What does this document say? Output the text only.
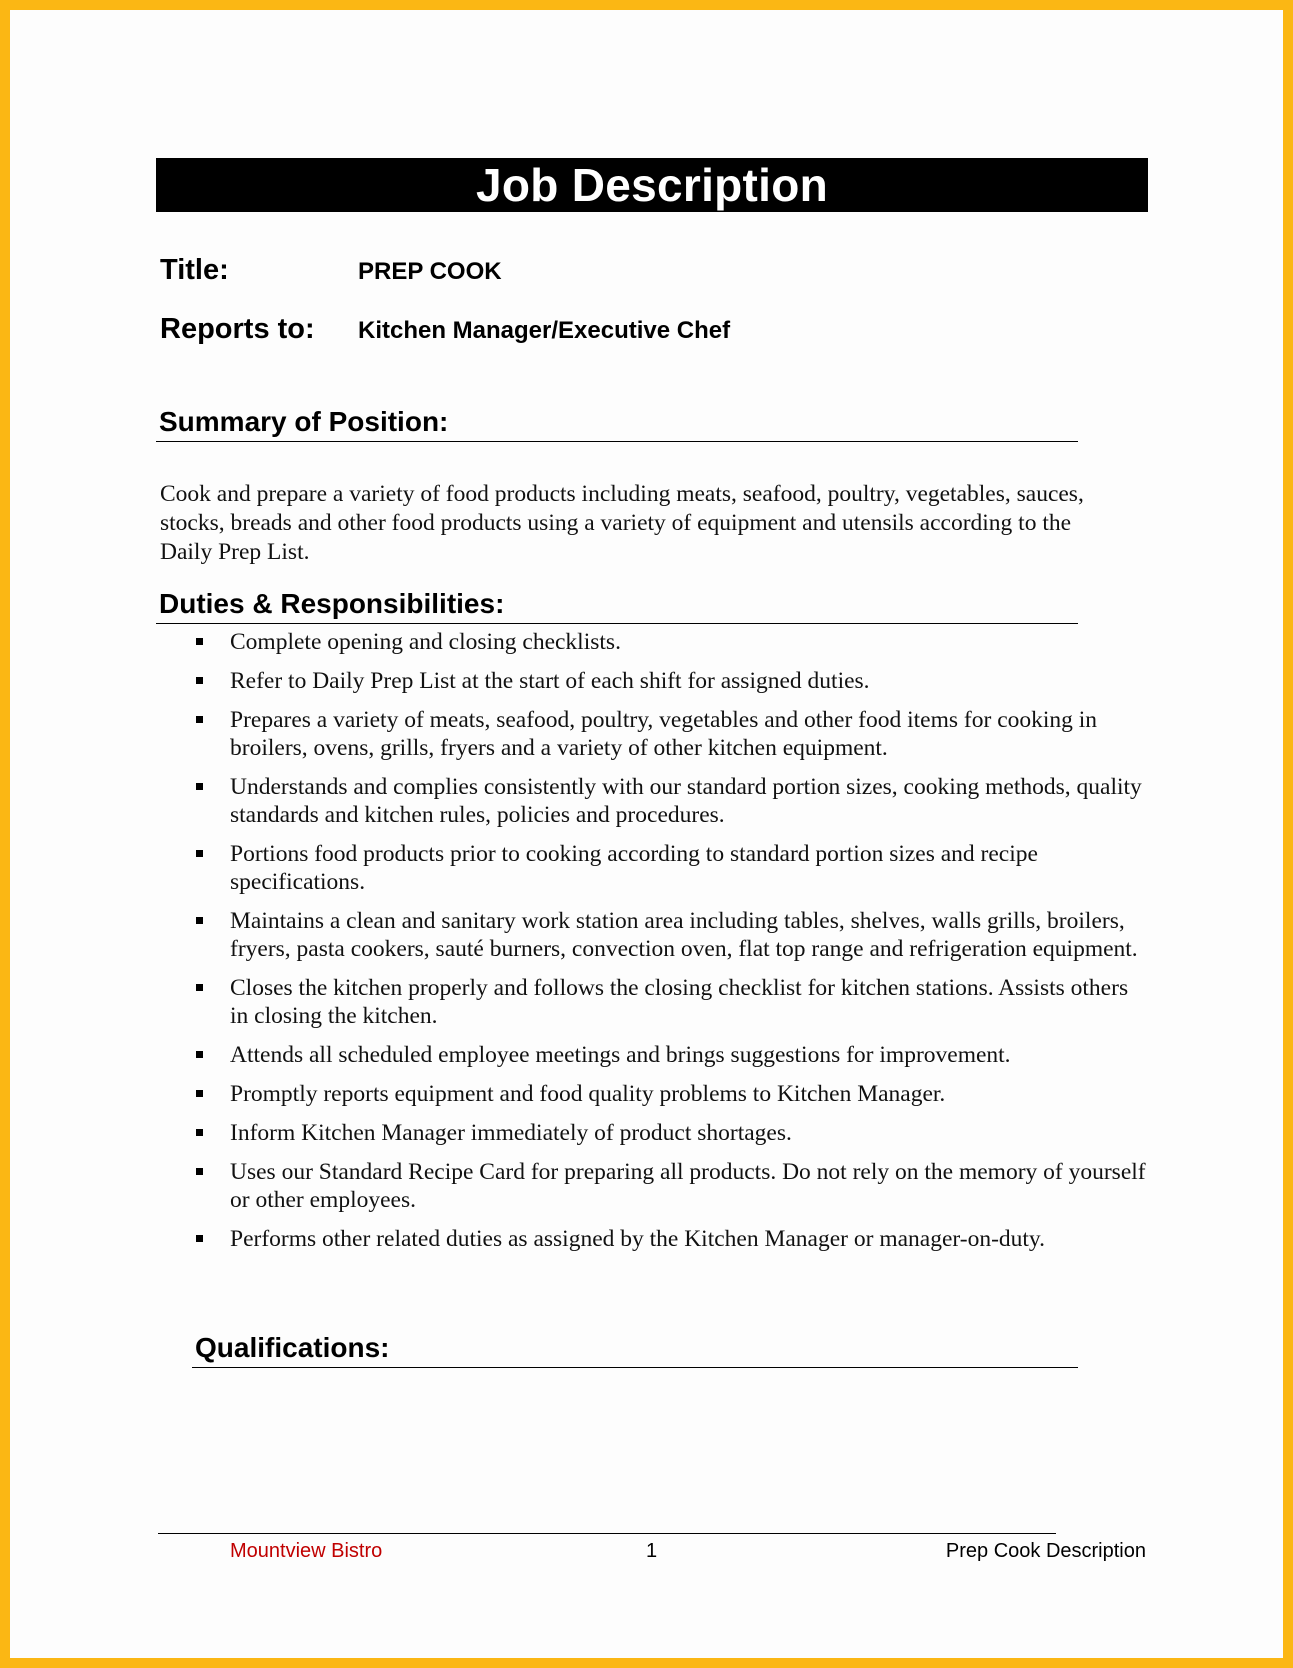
Job Description
Title:	PREP COOK
Reports to:	Kitchen Manager/Executive Chef
Summary of Position:
Cook and prepare a variety of food products including meats, seafood, poultry, vegetables, sauces, stocks, breads and other food products using a variety of equipment and utensils according to the Daily Prep List.
Duties & Responsibilities:
Complete opening and closing checklists.
Refer to Daily Prep List at the start of each shift for assigned duties.
Prepares a variety of meats, seafood, poultry, vegetables and other food items for cooking in broilers, ovens, grills, fryers and a variety of other kitchen equipment.
Understands and complies consistently with our standard portion sizes, cooking methods, quality standards and kitchen rules, policies and procedures.
Portions food products prior to cooking according to standard portion sizes and recipe specifications.
Maintains a clean and sanitary work station area including tables, shelves, walls grills, broilers, fryers, pasta cookers, sauté burners, convection oven, flat top range and refrigeration equipment.
Closes the kitchen properly and follows the closing checklist for kitchen stations. Assists others in closing the kitchen.
Attends all scheduled employee meetings and brings suggestions for improvement.
Promptly reports equipment and food quality problems to Kitchen Manager.
Inform Kitchen Manager immediately of product shortages.
Uses our Standard Recipe Card for preparing all products. Do not rely on the memory of yourself or other employees.
Performs other related duties as assigned by the Kitchen Manager or manager-on-duty.
Qualifications:
Mountview Bistro	1	Prep Cook Description
